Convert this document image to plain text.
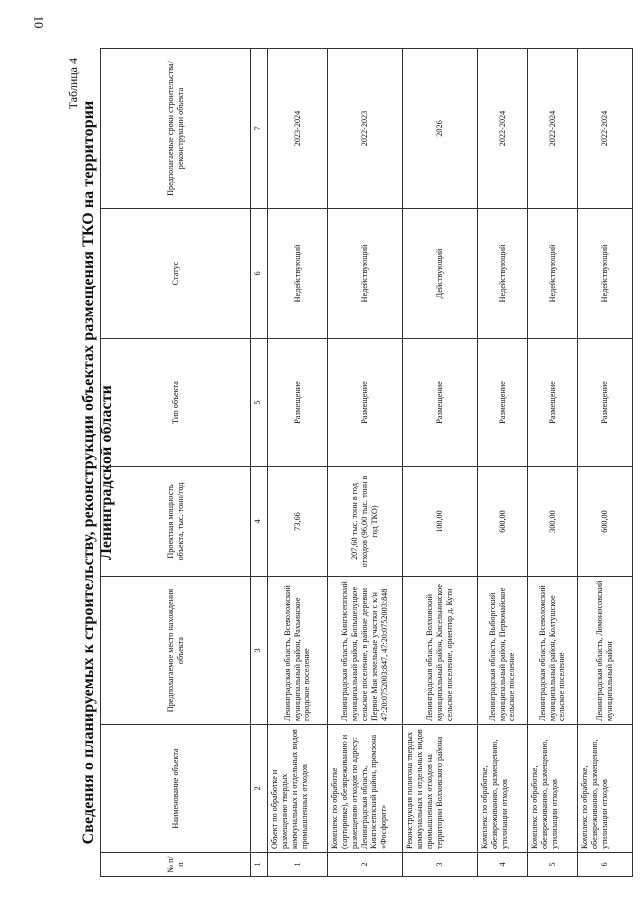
10
Таблица 4
Сведения о планируемых к строительству, реконструкции объектах размещения ТКО на территории Ленинградской области
№ п/п	Наименование объекта	Предполагаемое место нахождения объекта	Проектная мощность объекта, тыс. тонн/год	Тип объекта	Статус	Предполагаемые сроки строительства/ реконструкции объекта
1	2	3	4	5	6	7
1	Объект по обработке и размещению твердых коммунальных и отдельных видов промышленных отходов	Ленинградская область, Всеволожский муниципальный район, Рахьинское городское поселение	73,66	Размещение	Недействующий	2023-2024
2	Комплекс по обработке (сортировке), обезвреживанию и размещению отходов по адресу: Ленинградская область, Кингисеппский район, промзона «Фосфорит»	Ленинградская область, Кингисеппский муниципальный район, Большелуцкое сельское поселение, в районе деревни Первое Мая земельные участки с к/н 47:20:0752003:847, 47:20:0752003:848	207,60 тыс. тонн в год отходов (96,00 тыс. тонн в год ТКО)	Размещение	Недействующий	2022-2023
3	Реконструкция полигона твердых коммунальных и отдельных видов промышленных отходов на территории Волховского района	Ленинградская область, Волховский муниципальный район, Кисельнинское сельское поселение, ориентир д. Кути	100,00	Размещение	Действующий	2026
4	Комплекс по обработке, обезвреживанию, размещению, утилизации отходов	Ленинградская область, Выборгский муниципальный район, Первомайское сельское поселение	600,00	Размещение	Недействующий	2022-2024
5	Комплекс по обработке, обезвреживанию, размещению, утилизации отходов	Ленинградская область, Всеволожский муниципальный район, Колтушское сельское поселение	300,00	Размещение	Недействующий	2022-2024
6	Комплекс по обработке, обезвреживанию, размещению, утилизации отходов	Ленинградская область, Ломоносовский муниципальный район	600,00	Размещение	Недействующий	2022-2024
